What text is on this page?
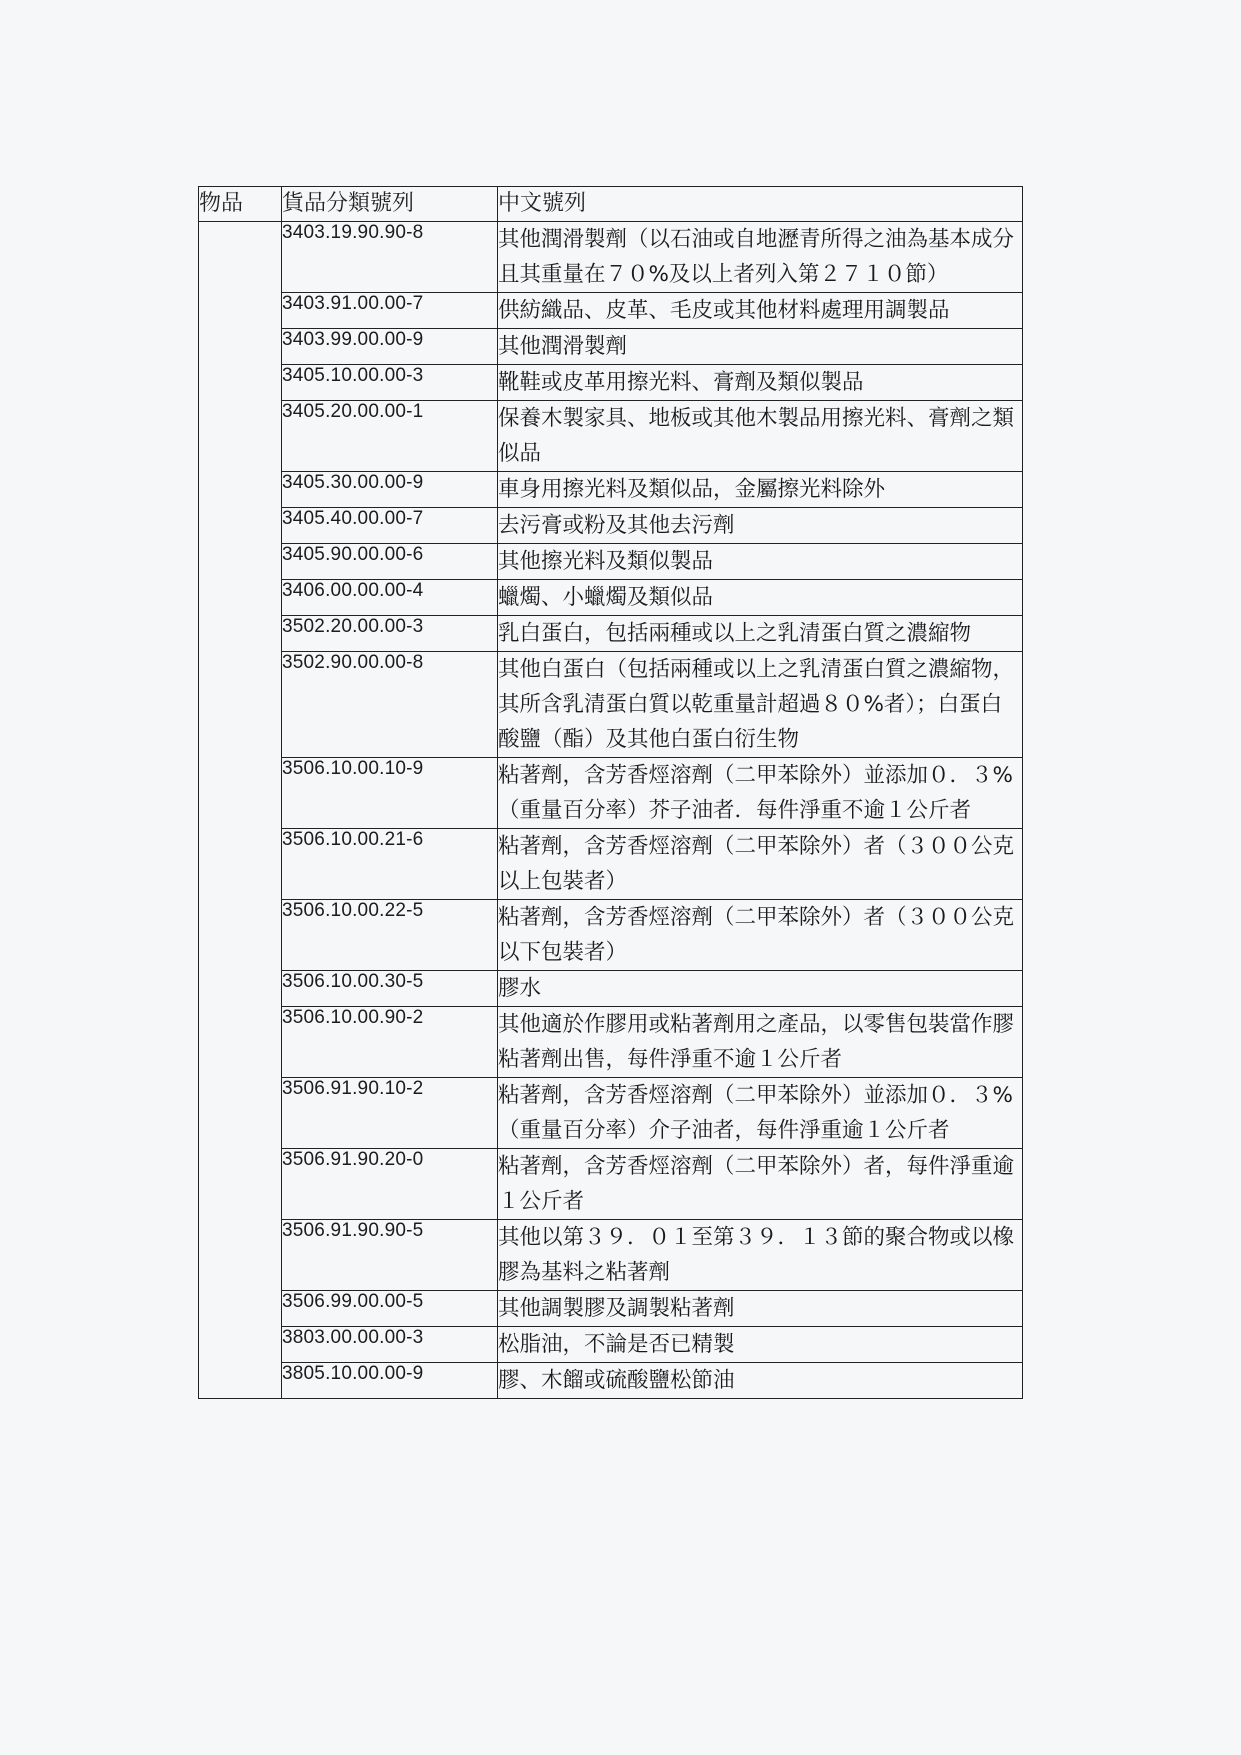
物品	貨品分類號列	中文號列
	3403.19.90.90-8	其他潤滑製劑（以石油或自地瀝青所得之油為基本成分且其重量在７０%及以上者列入第２７１０節）
	3403.91.00.00-7	供紡織品、皮革、毛皮或其他材料處理用調製品
	3403.99.00.00-9	其他潤滑製劑
	3405.10.00.00-3	靴鞋或皮革用擦光料、膏劑及類似製品
	3405.20.00.00-1	保養木製家具、地板或其他木製品用擦光料、膏劑之類似品
	3405.30.00.00-9	車身用擦光料及類似品，金屬擦光料除外
	3405.40.00.00-7	去污膏或粉及其他去污劑
	3405.90.00.00-6	其他擦光料及類似製品
	3406.00.00.00-4	蠟燭、小蠟燭及類似品
	3502.20.00.00-3	乳白蛋白，包括兩種或以上之乳清蛋白質之濃縮物
	3502.90.00.00-8	其他白蛋白（包括兩種或以上之乳清蛋白質之濃縮物，其所含乳清蛋白質以乾重量計超過８０%者）；白蛋白酸鹽（酯）及其他白蛋白衍生物
	3506.10.00.10-9	粘著劑，含芳香烴溶劑（二甲苯除外）並添加０．３%（重量百分率）芥子油者．每件淨重不逾１公斤者
	3506.10.00.21-6	粘著劑，含芳香烴溶劑（二甲苯除外）者（３００公克以上包裝者）
	3506.10.00.22-5	粘著劑，含芳香烴溶劑（二甲苯除外）者（３００公克以下包裝者）
	3506.10.00.30-5	膠水
	3506.10.00.90-2	其他適於作膠用或粘著劑用之產品，以零售包裝當作膠粘著劑出售，每件淨重不逾１公斤者
	3506.91.90.10-2	粘著劑，含芳香烴溶劑（二甲苯除外）並添加０．３%（重量百分率）介子油者，每件淨重逾１公斤者
	3506.91.90.20-0	粘著劑，含芳香烴溶劑（二甲苯除外）者，每件淨重逾１公斤者
	3506.91.90.90-5	其他以第３９．０１至第３９．１３節的聚合物或以橡膠為基料之粘著劑
	3506.99.00.00-5	其他調製膠及調製粘著劑
	3803.00.00.00-3	松脂油，不論是否已精製
	3805.10.00.00-9	膠、木餾或硫酸鹽松節油
